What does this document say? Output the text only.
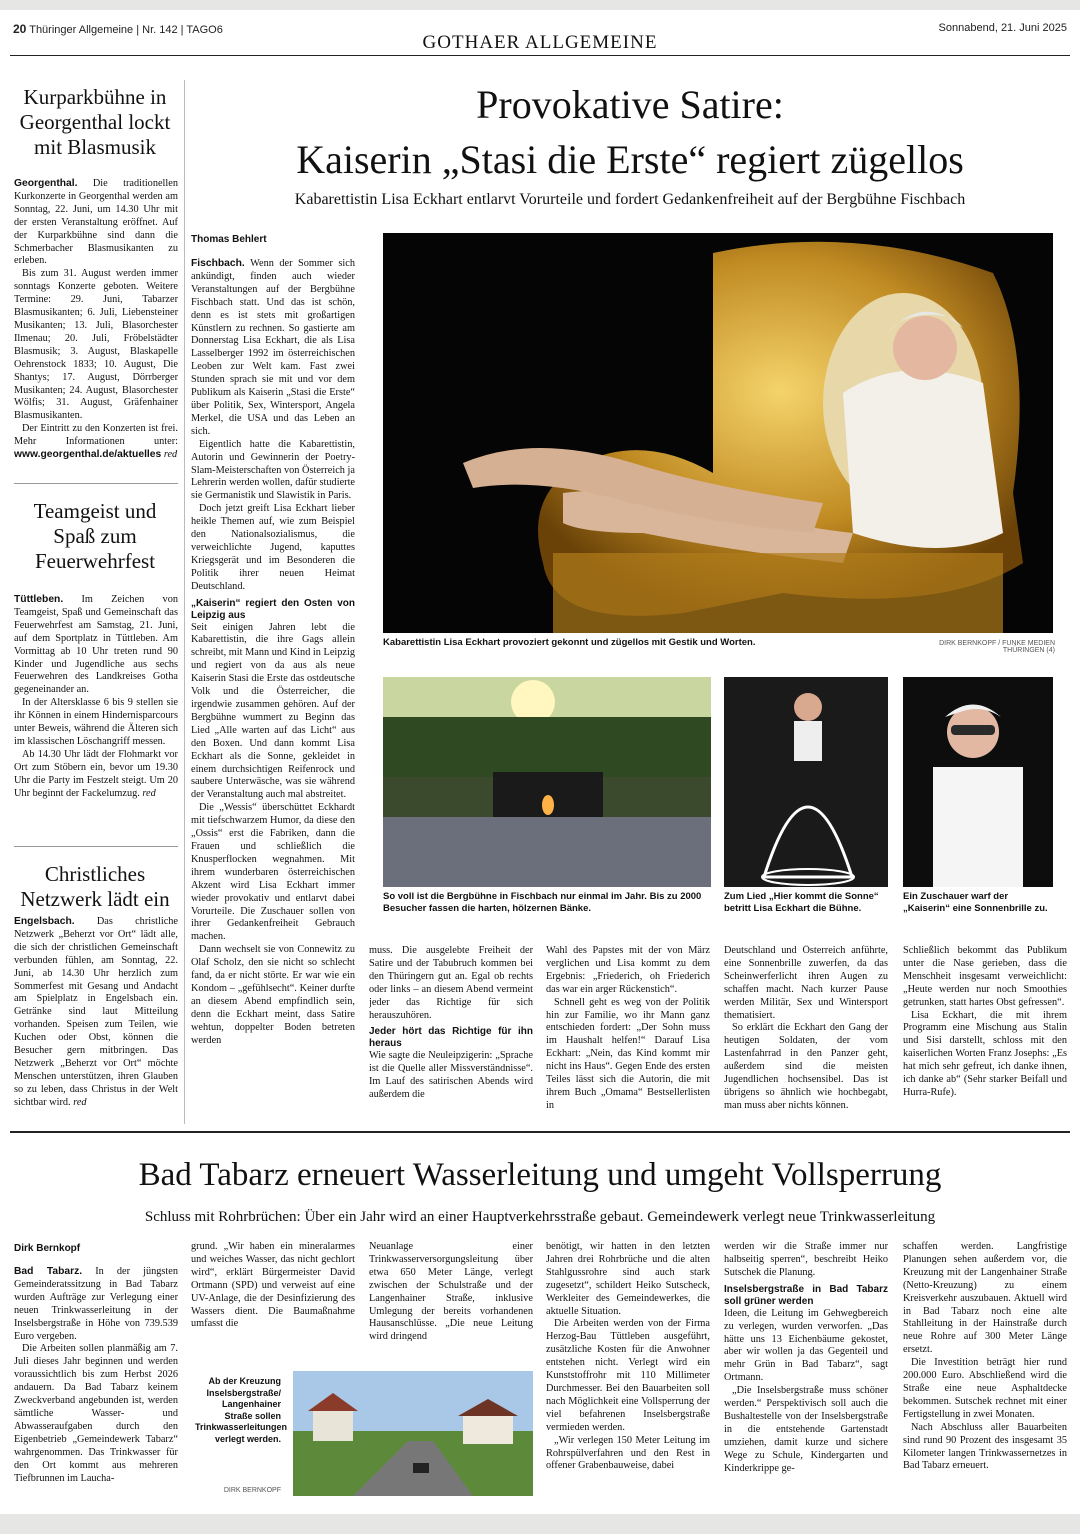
20 Thüringer Allgemeine | Nr. 142 | TAGO6
GOTHAER ALLGEMEINE
Sonnabend, 21. Juni 2025
Kurparkbühne in Georgenthal lockt mit Blasmusik

Georgenthal. Die traditionellen Kurkonzerte in Georgenthal werden am Sonntag, 22. Juni, um 14.30 Uhr mit der ersten Veranstaltung eröffnet. Auf der Kurparkbühne sind dann die Schmerbacher Blasmusikanten zu erleben.

Bis zum 31. August werden immer sonntags Konzerte geboten. Weitere Termine: 29. Juni, Tabarzer Blasmusikanten; 6. Juli, Liebensteiner Musikanten; 13. Juli, Blasorchester Ilmenau; 20. Juli, Fröbelstädter Blasmusik; 3. August, Blaskapelle Oehrenstock 1833; 10. August, Die Shantys; 17. August, Dörrberger Musikanten; 24. August, Blasorchester Wölfis; 31. August, Gräfenhainer Blasmusikanten.

Der Eintritt zu den Konzerten ist frei. Mehr Informationen unter: www.georgenthal.de/aktuelles red

Teamgeist und Spaß zum Feuerwehrfest

Tüttleben. Im Zeichen von Teamgeist, Spaß und Gemeinschaft das Feuerwehrfest am Samstag, 21. Juni, auf dem Sportplatz in Tüttleben. Am Vormittag ab 10 Uhr treten rund 90 Kinder und Jugendliche aus sechs Feuerwehren des Landkreises Gotha gegeneinander an.

In der Altersklasse 6 bis 9 stellen sie ihr Können in einem Hindernisparcours unter Beweis, während die Älteren sich im klassischen Löschangriff messen.

Ab 14.30 Uhr lädt der Flohmarkt vor Ort zum Stöbern ein, bevor um 19.30 Uhr die Party im Festzelt steigt. Um 20 Uhr beginnt der Fackelumzug. red

Christliches Netzwerk lädt ein

Engelsbach. Das christliche Netzwerk „Beherzt vor Ort“ lädt alle, die sich der christlichen Gemeinschaft verbunden fühlen, am Sonntag, 22. Juni, ab 14.30 Uhr herzlich zum Sommerfest mit Gesang und Andacht am Spielplatz in Engelsbach ein. Getränke sind laut Mitteilung vorhanden. Speisen zum Teilen, wie Kuchen oder Obst, können die Besucher gern mitbringen. Das Netzwerk „Beherzt vor Ort“ möchte Menschen unterstützen, ihren Glauben so zu leben, dass Christus in der Welt sichtbar wird. red

Provokative Satire:
Kaiserin „Stasi die Erste“ regiert zügellos
Kabarettistin Lisa Eckhart entlarvt Vorurteile und fordert Gedankenfreiheit auf der Bergbühne Fischbach
Thomas Behlert

Fischbach. Wenn der Sommer sich ankündigt, finden auch wieder Veranstaltungen auf der Bergbühne Fischbach statt. Und das ist schön, denn es ist stets mit großartigen Künstlern zu rechnen. So gastierte am Donnerstag Lisa Eckhart, die als Lisa Lasselberger 1992 im österreichischen Leoben zur Welt kam. Fast zwei Stunden sprach sie mit und vor dem Publikum als Kaiserin „Stasi die Erste“ über Politik, Sex, Wintersport, Angela Merkel, die USA und das Leben an sich.

Eigentlich hatte die Kabarettistin, Autorin und Gewinnerin der Poetry-Slam-Meisterschaften von Österreich ja Lehrerin werden wollen, dafür studierte sie Germanistik und Slawistik in Paris.

Doch jetzt greift Lisa Eckhart lieber heikle Themen auf, wie zum Beispiel den Nationalsozialismus, die verweichlichte Jugend, kaputtes Kriegsgerät und im Besonderen die Politik ihrer neuen Heimat Deutschland.

„Kaiserin“ regiert den Osten von Leipzig aus

Seit einigen Jahren lebt die Kabarettistin, die ihre Gags allein schreibt, mit Mann und Kind in Leipzig und regiert von da aus als neue Kaiserin Stasi die Erste das ostdeutsche Volk und die Österreicher, die irgendwie zusammen gehören. Auf der Bergbühne wummert zu Beginn das Lied „Alle warten auf das Licht“ aus den Boxen. Und dann kommt Lisa Eckhart als die Sonne, gekleidet in einem durchsichtigen Reifenrock und saubere Unterwäsche, was sie während der Veranstaltung auch mal abstreitet.

Die „Wessis“ überschüttet Eckhardt mit tiefschwarzem Humor, da diese den „Ossis“ erst die Fabriken, dann die Frauen und schließlich die Knusperflocken wegnahmen. Mit ihrem wunderbaren österreichischen Akzent wird Lisa Eckhart immer wieder provokativ und entlarvt dabei Vorurteile. Die Zuschauer sollen von ihrer Gedankenfreiheit Gebrauch machen.

Dann wechselt sie von Connewitz zu Olaf Scholz, den sie nicht so schlecht fand, da er nicht störte. Er war wie ein Kondom – „gefühlsecht“. Keiner durfte an diesem Abend empfindlich sein, denn die Eckhart meint, dass Satire wehtun, doppelter Boden betreten werden

Kabarettistin Lisa Eckhart provoziert gekonnt und zügellos mit Gestik und Worten.	DIRK BERNKOPF / FUNKE MEDIEN THÜRINGEN (4)
So voll ist die Bergbühne in Fischbach nur einmal im Jahr. Bis zu 2000 Besucher fassen die harten, hölzernen Bänke.
Zum Lied „Hier kommt die Sonne“ betritt Lisa Eckhart die Bühne.
Ein Zuschauer warf der „Kaiserin“ eine Sonnenbrille zu.

muss. Die ausgelebte Freiheit der Satire und der Tabubruch kommen bei den Thüringern gut an. Egal ob rechts oder links – an diesem Abend vermeint jeder das Richtige für sich herauszuhören.

Jeder hört das Richtige für ihn heraus

Wie sagte die Neuleipzigerin: „Sprache ist die Quelle aller Missverständnisse“. Im Lauf des satirischen Abends wird außerdem die

Wahl des Papstes mit der von März verglichen und Lisa kommt zu dem Ergebnis: „Friederich, oh Friederich das war ein arger Rückenstich“.

Schnell geht es weg von der Politik hin zur Familie, wo ihr Mann ganz entschieden fordert: „Der Sohn muss im Haushalt helfen!“ Darauf Lisa Eckhart: „Nein, das Kind kommt mir nicht ins Haus“. Gegen Ende des ersten Teiles lässt sich die Autorin, die mit ihrem Buch „Omama“ Bestsellerlisten in

Deutschland und Österreich anführte, eine Sonnenbrille zuwerfen, da das Scheinwerferlicht ihren Augen zu schaffen macht. Nach kurzer Pause werden Militär, Sex und Wintersport thematisiert.

So erklärt die Eckhart den Gang der heutigen Soldaten, der vom Lastenfahrrad in den Panzer geht, außerdem sind die meisten Jugendlichen hochsensibel. Das ist übrigens so ähnlich wie hochbegabt, man muss aber nichts können.

Schließlich bekommt das Publikum unter die Nase gerieben, dass die Menschheit insgesamt verweichlicht: „Heute werden nur noch Smoothies getrunken, statt hartes Obst gefressen“.

Lisa Eckhart, die mit ihrem Programm eine Mischung aus Stalin und Sisi darstellt, schloss mit den kaiserlichen Worten Franz Josephs: „Es hat mich sehr gefreut, ich danke ihnen, ich danke ab“ (Sehr starker Beifall und Hurra-Rufe).

Bad Tabarz erneuert Wasserleitung und umgeht Vollsperrung
Schluss mit Rohrbrüchen: Über ein Jahr wird an einer Hauptverkehrsstraße gebaut. Gemeindewerk verlegt neue Trinkwasserleitung
Dirk Bernkopf

Bad Tabarz. In der jüngsten Gemeinderatssitzung in Bad Tabarz wurden Aufträge zur Verlegung einer neuen Trinkwasserleitung in der Inselsbergstraße in Höhe von 739.539 Euro vergeben.

Die Arbeiten sollen planmäßig am 7. Juli dieses Jahr beginnen und werden voraussichtlich bis zum Herbst 2026 andauern. Da Bad Tabarz keinem Zweckverband angebunden ist, werden sämtliche Wasser- und Abwasseraufgaben durch den Eigenbetrieb „Gemeindewerk Tabarz“ wahrgenommen. Das Trinkwasser für den Ort kommt aus mehreren Tiefbrunnen im Laucha-

grund. „Wir haben ein mineralarmes und weiches Wasser, das nicht gechlort wird“, erklärt Bürgermeister David Ortmann (SPD) und verweist auf eine UV-Anlage, die der Desinfizierung des Wassers dient. Die Baumaßnahme umfasst die

Neuanlage einer Trinkwasserversorgungsleitung über etwa 650 Meter Länge, verlegt zwischen der Schulstraße und der Langenhainer Straße, inklusive Umlegung der bereits vorhandenen Hausanschlüsse. „Die neue Leitung wird dringend

Ab der Kreuzung Inselsbergstraße/ Langenhainer Straße sollen Trinkwasserleitungen verlegt werden.
DIRK BERNKOPF

benötigt, wir hatten in den letzten Jahren drei Rohrbrüche und die alten Stahlgussrohre sind auch stark zugesetzt“, schildert Heiko Sutscheck, Werkleiter des Gemeindewerkes, die aktuelle Situation.

Die Arbeiten werden von der Firma Herzog-Bau Tüttleben ausgeführt, zusätzliche Kosten für die Anwohner entstehen nicht. Verlegt wird ein Kunststoffrohr mit 110 Millimeter Durchmesser. Bei den Bauarbeiten soll nach Möglichkeit eine Vollsperrung der viel befahrenen Inselsbergstraße vermieden werden.

„Wir verlegen 150 Meter Leitung im Rohrspülverfahren und den Rest in offener Grabenbauweise, dabei

werden wir die Straße immer nur halbseitig sperren“, beschreibt Heiko Sutschek die Planung.

Inselsbergstraße in Bad Tabarz soll grüner werden

Ideen, die Leitung im Gehwegbereich zu verlegen, wurden verworfen. „Das hätte uns 13 Eichenbäume gekostet, aber wir wollen ja das Gegenteil und mehr Grün in Bad Tabarz“, sagt Ortmann.

„Die Inselsbergstraße muss schöner werden.“ Perspektivisch soll auch die Bushaltestelle von der Inselsbergstraße in die entstehende Gartenstadt umziehen, damit kurze und sichere Wege zu Schule, Kindergarten und Kinderkrippe ge-

schaffen werden. Langfristige Planungen sehen außerdem vor, die Kreuzung mit der Langenhainer Straße (Netto-Kreuzung) zu einem Kreisverkehr auszubauen. Aktuell wird in Bad Tabarz noch eine alte Stahlleitung in der Hainstraße durch neue Rohre auf 300 Meter Länge ersetzt.

Die Investition beträgt hier rund 200.000 Euro. Abschließend wird die Straße eine neue Asphaltdecke bekommen. Sutschek rechnet mit einer Fertigstellung in zwei Monaten.

Nach Abschluss aller Bauarbeiten sind rund 90 Prozent des insgesamt 35 Kilometer langen Trinkwassernetzes in Bad Tabarz erneuert.
